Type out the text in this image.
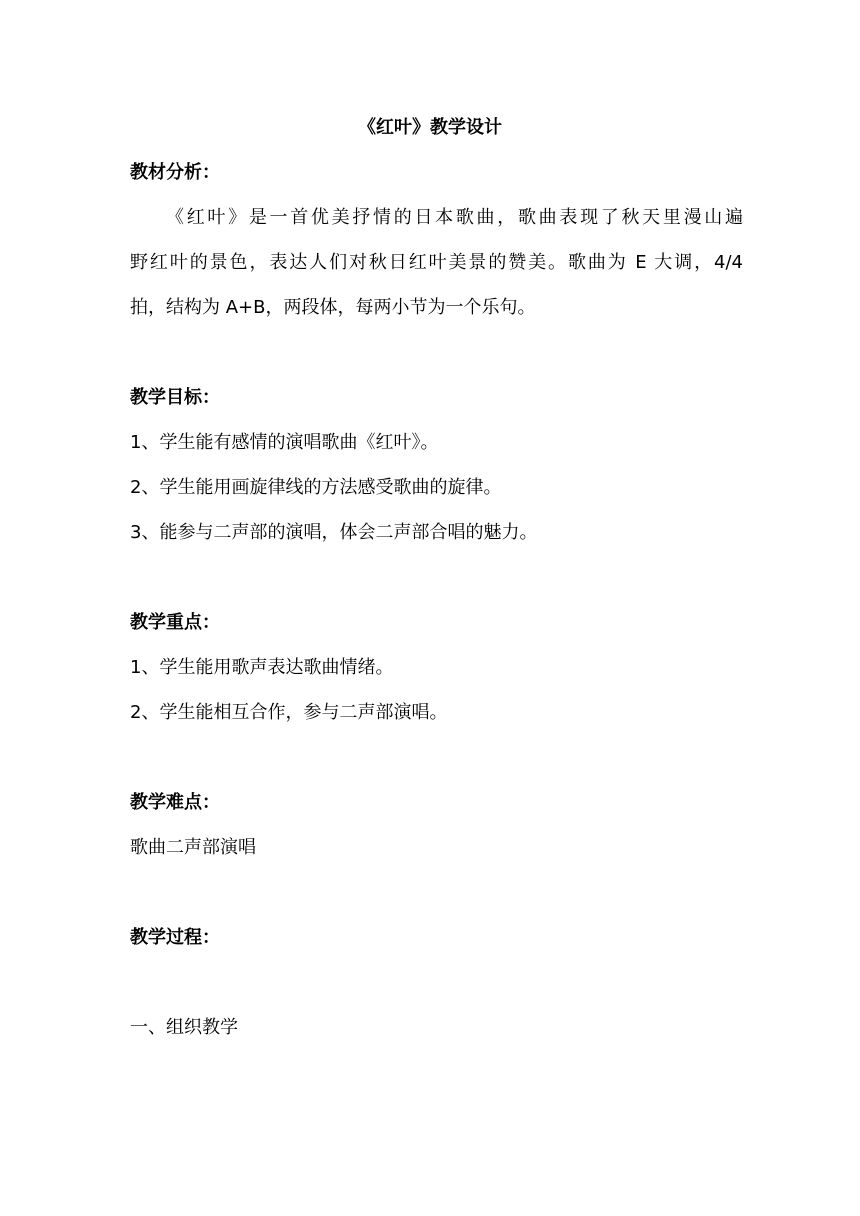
《红叶》教学设计
教材分析：
《红叶》是一首优美抒情的日本歌曲，歌曲表现了秋天里漫山遍
野红叶的景色，表达人们对秋日红叶美景的赞美。歌曲为 E 大调，4/4
拍，结构为 A+B，两段体，每两小节为一个乐句。
教学目标：
1、学生能有感情的演唱歌曲《红叶》。
2、学生能用画旋律线的方法感受歌曲的旋律。
3、能参与二声部的演唱，体会二声部合唱的魅力。
教学重点：
1、学生能用歌声表达歌曲情绪。
2、学生能相互合作，参与二声部演唱。
教学难点：
歌曲二声部演唱
教学过程：
一、组织教学
